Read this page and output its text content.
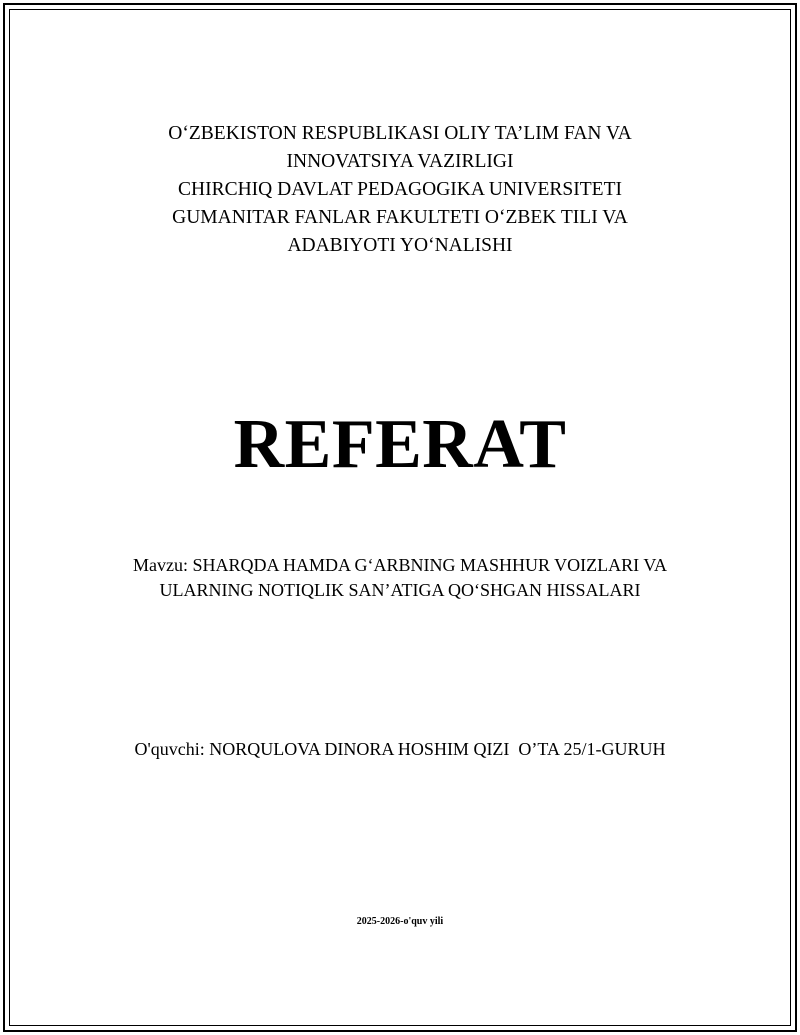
O‘ZBEKISTON RESPUBLIKASI OLIY TA’LIM FAN VA
INNOVATSIYA VAZIRLIGI
CHIRCHIQ DAVLAT PEDAGOGIKA UNIVERSITETI
GUMANITAR FANLAR FAKULTETI O‘ZBEK TILI VA
ADABIYOTI YO‘NALISHI
REFERAT
Mavzu: SHARQDA HAMDA G‘ARBNING MASHHUR VOIZLARI VA
ULARNING NOTIQLIK SAN’ATIGA QO‘SHGAN HISSALARI
O'quvchi: NORQULOVA DINORA HOSHIM QIZI  O’TA 25/1-GURUH
2025-2026-o'quv yili
